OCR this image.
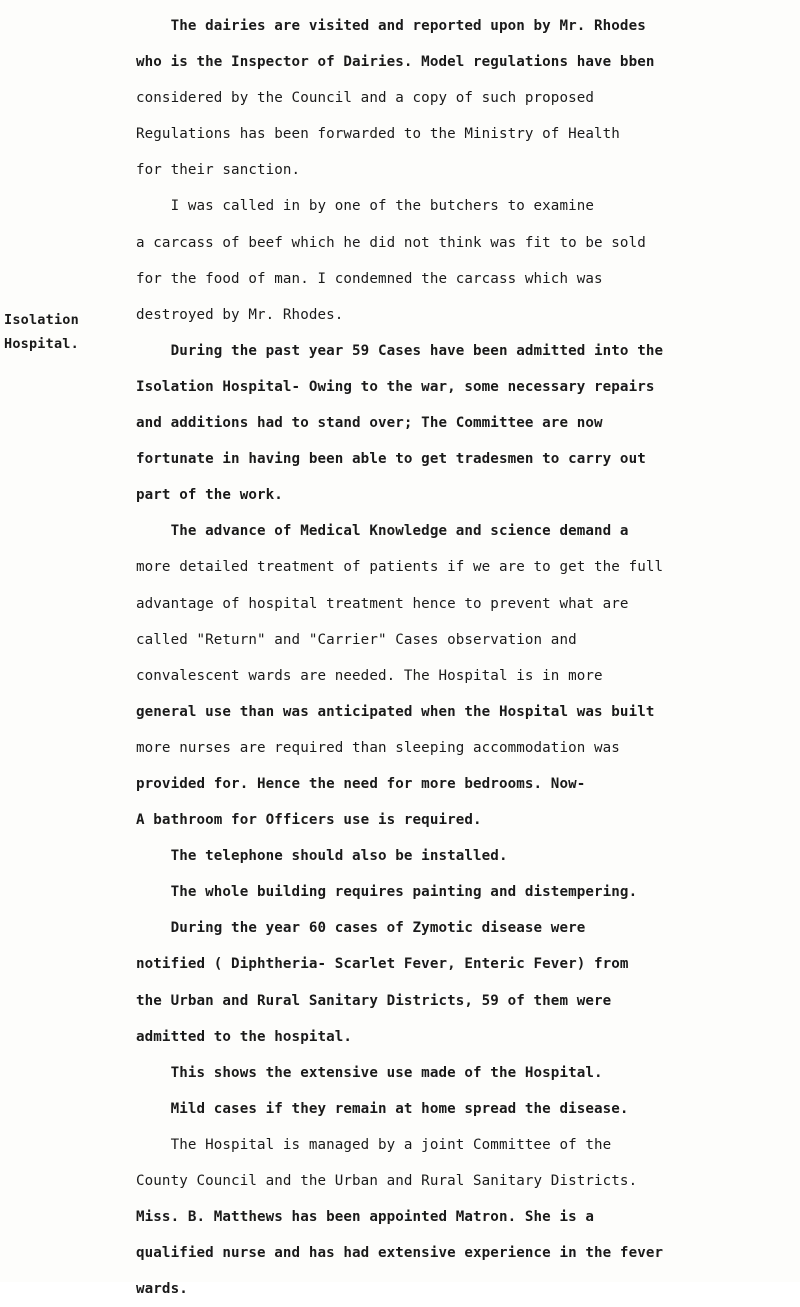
Isolation
Hospital.
The dairies are visited and reported upon by Mr. Rhodes
who is the Inspector of Dairies. Model regulations have bben
considered by the Council and a copy of such proposed
Regulations has been forwarded to the Ministry of Health
for their sanction.
I was called in by one of the butchers to examine
a carcass of beef which he did not think was fit to be sold
for the food of man. I condemned the carcass which was
destroyed by Mr. Rhodes.
During the past year 59 Cases have been admitted into the
Isolation Hospital- Owing to the war, some necessary repairs
and additions had to stand over; The Committee are now
fortunate in having been able to get tradesmen to carry out
part of the work.
The advance of Medical Knowledge and science demand a
more detailed treatment of patients if we are to get the full
advantage of hospital treatment hence to prevent what are
called "Return" and "Carrier" Cases observation and
convalescent wards are needed. The Hospital is in more
general use than was anticipated when the Hospital was built
more nurses are required than sleeping accommodation was
provided for. Hence the need for more bedrooms. Now-
A bathroom for Officers use is required.
The telephone should also be installed.
The whole building requires painting and distempering.
During the year 60 cases of Zymotic disease were
notified ( Diphtheria- Scarlet Fever, Enteric Fever) from
the Urban and Rural Sanitary Districts, 59 of them were
admitted to the hospital.
This shows the extensive use made of the Hospital.
Mild cases if they remain at home spread the disease.
The Hospital is managed by a joint Committee of the
County Council and the Urban and Rural Sanitary Districts.
Miss. B. Matthews has been appointed Matron. She is a
qualified nurse and has had extensive experience in the fever
wards.
